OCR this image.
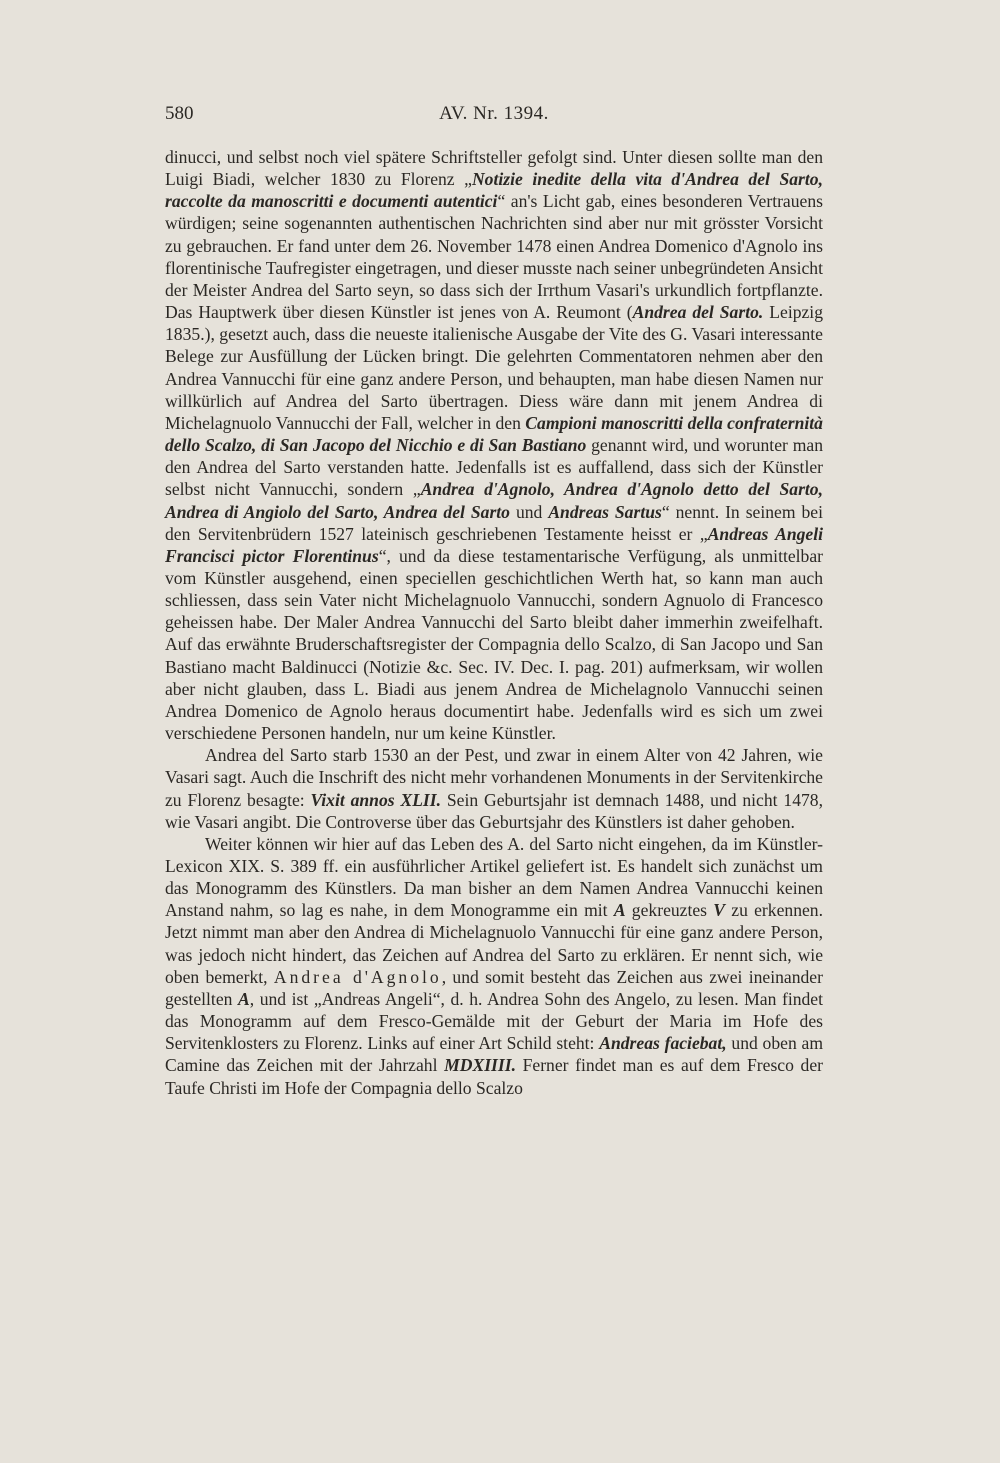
580	AV. Nr. 1394.

dinucci, und selbst noch viel spätere Schriftsteller gefolgt sind. Unter diesen sollte man den Luigi Biadi, welcher 1830 zu Florenz „Notizie inedite della vita d'Andrea del Sarto, raccolte da manoscritti e documenti autentici“ an's Licht gab, eines besonderen Vertrauens würdigen; seine sogenannten authentischen Nachrichten sind aber nur mit grösster Vorsicht zu gebrauchen. Er fand unter dem 26. November 1478 einen Andrea Domenico d'Agnolo ins florentinische Taufregister eingetragen, und dieser musste nach seiner unbegründeten Ansicht der Meister Andrea del Sarto seyn, so dass sich der Irrthum Vasari's urkundlich fortpflanzte. Das Hauptwerk über diesen Künstler ist jenes von A. Reumont (Andrea del Sarto. Leipzig 1835.), gesetzt auch, dass die neueste italienische Ausgabe der Vite des G. Vasari interessante Belege zur Ausfüllung der Lücken bringt. Die gelehrten Commentatoren nehmen aber den Andrea Vannucchi für eine ganz andere Person, und behaupten, man habe diesen Namen nur willkürlich auf Andrea del Sarto übertragen. Diess wäre dann mit jenem Andrea di Michelagnuolo Vannucchi der Fall, welcher in den Campioni manoscritti della confraternità dello Scalzo, di San Jacopo del Nicchio e di San Bastiano genannt wird, und worunter man den Andrea del Sarto verstanden hatte. Jedenfalls ist es auffallend, dass sich der Künstler selbst nicht Vannucchi, sondern „Andrea d'Agnolo, Andrea d'Agnolo detto del Sarto, Andrea di Angiolo del Sarto, Andrea del Sarto und Andreas Sartus“ nennt. In seinem bei den Servitenbrüdern 1527 lateinisch geschriebenen Testamente heisst er „Andreas Angeli Francisci pictor Florentinus“, und da diese testamentarische Verfügung, als unmittelbar vom Künstler ausgehend, einen speciellen geschichtlichen Werth hat, so kann man auch schliessen, dass sein Vater nicht Michelagnuolo Vannucchi, sondern Agnuolo di Francesco geheissen habe. Der Maler Andrea Vannucchi del Sarto bleibt daher immerhin zweifelhaft. Auf das erwähnte Bruderschaftsregister der Compagnia dello Scalzo, di San Jacopo und San Bastiano macht Baldinucci (Notizie &c. Sec. IV. Dec. I. pag. 201) aufmerksam, wir wollen aber nicht glauben, dass L. Biadi aus jenem Andrea de Michelagnolo Vannucchi seinen Andrea Domenico de Agnolo heraus documentirt habe. Jedenfalls wird es sich um zwei verschiedene Personen handeln, nur um keine Künstler.

Andrea del Sarto starb 1530 an der Pest, und zwar in einem Alter von 42 Jahren, wie Vasari sagt. Auch die Inschrift des nicht mehr vorhandenen Monuments in der Servitenkirche zu Florenz besagte: Vixit annos XLII. Sein Geburtsjahr ist demnach 1488, und nicht 1478, wie Vasari angibt. Die Controverse über das Geburtsjahr des Künstlers ist daher gehoben.

Weiter können wir hier auf das Leben des A. del Sarto nicht eingehen, da im Künstler-Lexicon XIX. S. 389 ff. ein ausführlicher Artikel geliefert ist. Es handelt sich zunächst um das Monogramm des Künstlers. Da man bisher an dem Namen Andrea Vannucchi keinen Anstand nahm, so lag es nahe, in dem Monogramme ein mit A gekreuztes V zu erkennen. Jetzt nimmt man aber den Andrea di Michelagnuolo Vannucchi für eine ganz andere Person, was jedoch nicht hindert, das Zeichen auf Andrea del Sarto zu erklären. Er nennt sich, wie oben bemerkt, Andrea d'Agnolo, und somit besteht das Zeichen aus zwei ineinander gestellten A, und ist „Andreas Angeli“, d. h. Andrea Sohn des Angelo, zu lesen. Man findet das Monogramm auf dem Fresco-Gemälde mit der Geburt der Maria im Hofe des Servitenklosters zu Florenz. Links auf einer Art Schild steht: Andreas faciebat, und oben am Camine das Zeichen mit der Jahrzahl MDXIIII. Ferner findet man es auf dem Fresco der Taufe Christi im Hofe der Compagnia dello Scalzo
